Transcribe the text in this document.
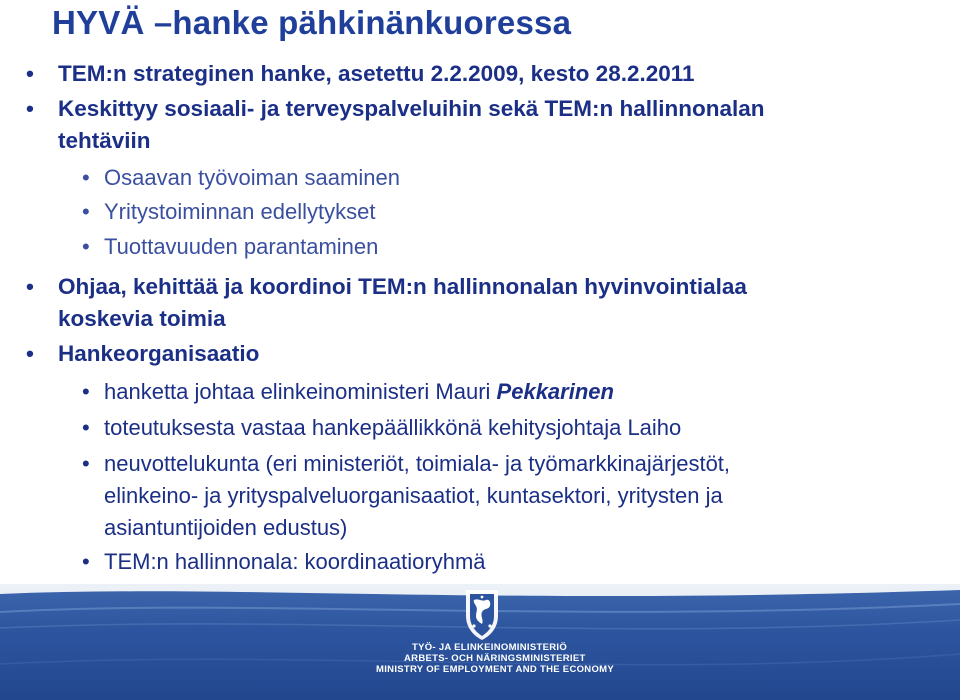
HYVÄ –hanke pähkinänkuoressa
• TEM:n strateginen hanke, asetettu 2.2.2009, kesto 28.2.2011
• Keskittyy sosiaali- ja terveyspalveluihin sekä TEM:n hallinnonalan
tehtäviin
• Osaavan työvoiman saaminen
• Yritystoiminnan edellytykset
• Tuottavuuden parantaminen
• Ohjaa, kehittää ja koordinoi TEM:n hallinnonalan hyvinvointialaa
koskevia toimia
• Hankeorganisaatio
• hanketta johtaa elinkeinoministeri Mauri Pekkarinen
• toteutuksesta vastaa hankepäällikkönä kehitysjohtaja Laiho
• neuvottelukunta (eri ministeriöt, toimiala- ja työmarkkinajärjestöt,
elinkeino- ja yrityspalveluorganisaatiot, kuntasektori, yritysten ja
asiantuntijoiden edustus)
• TEM:n hallinnonala: koordinaatioryhmä
TYÖ- JA ELINKEINOMINISTERIÖ
ARBETS- OCH NÄRINGSMINISTERIET
MINISTRY OF EMPLOYMENT AND THE ECONOMY
